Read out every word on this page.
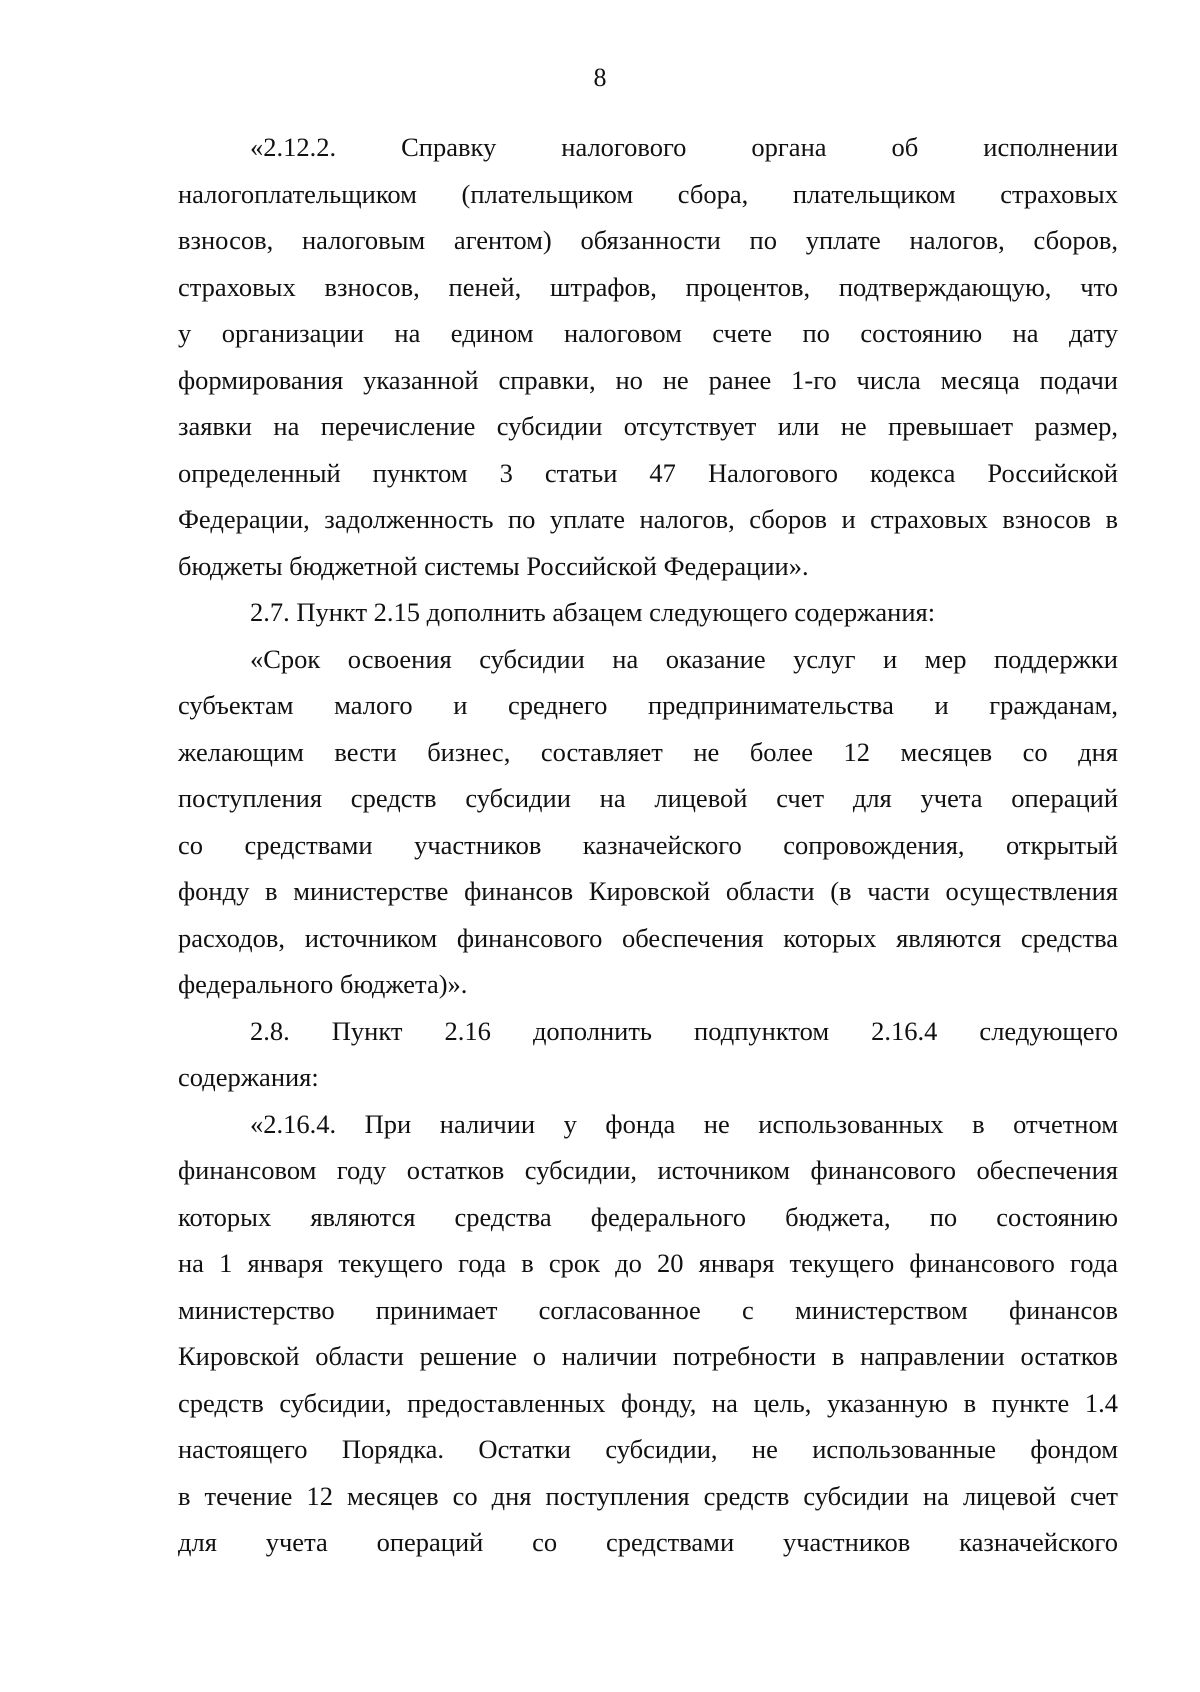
8
«2.12.2. Справку налогового органа об исполнении
налогоплательщиком (плательщиком сбора, плательщиком страховых
взносов, налоговым агентом) обязанности по уплате налогов, сборов,
страховых взносов, пеней, штрафов, процентов, подтверждающую, что
у организации на едином налоговом счете по состоянию на дату
формирования указанной справки, но не ранее 1-го числа месяца подачи
заявки на перечисление субсидии отсутствует или не превышает размер,
определенный пунктом 3 статьи 47 Налогового кодекса Российской
Федерации, задолженность по уплате налогов, сборов и страховых взносов в
бюджеты бюджетной системы Российской Федерации».
2.7. Пункт 2.15 дополнить абзацем следующего содержания:
«Срок освоения субсидии на оказание услуг и мер поддержки
субъектам малого и среднего предпринимательства и гражданам,
желающим вести бизнес, составляет не более 12 месяцев со дня
поступления средств субсидии на лицевой счет для учета операций
со средствами участников казначейского сопровождения, открытый
фонду в министерстве финансов Кировской области (в части осуществления
расходов, источником финансового обеспечения которых являются средства
федерального бюджета)».
2.8. Пункт 2.16 дополнить подпунктом 2.16.4 следующего
содержания:
«2.16.4. При наличии у фонда не использованных в отчетном
финансовом году остатков субсидии, источником финансового обеспечения
которых являются средства федерального бюджета, по состоянию
на 1 января текущего года в срок до 20 января текущего финансового года
министерство принимает согласованное с министерством финансов
Кировской области решение о наличии потребности в направлении остатков
средств субсидии, предоставленных фонду, на цель, указанную в пункте 1.4
настоящего Порядка. Остатки субсидии, не использованные фондом
в течение 12 месяцев со дня поступления средств субсидии на лицевой счет
для учета операций со средствами участников казначейского
